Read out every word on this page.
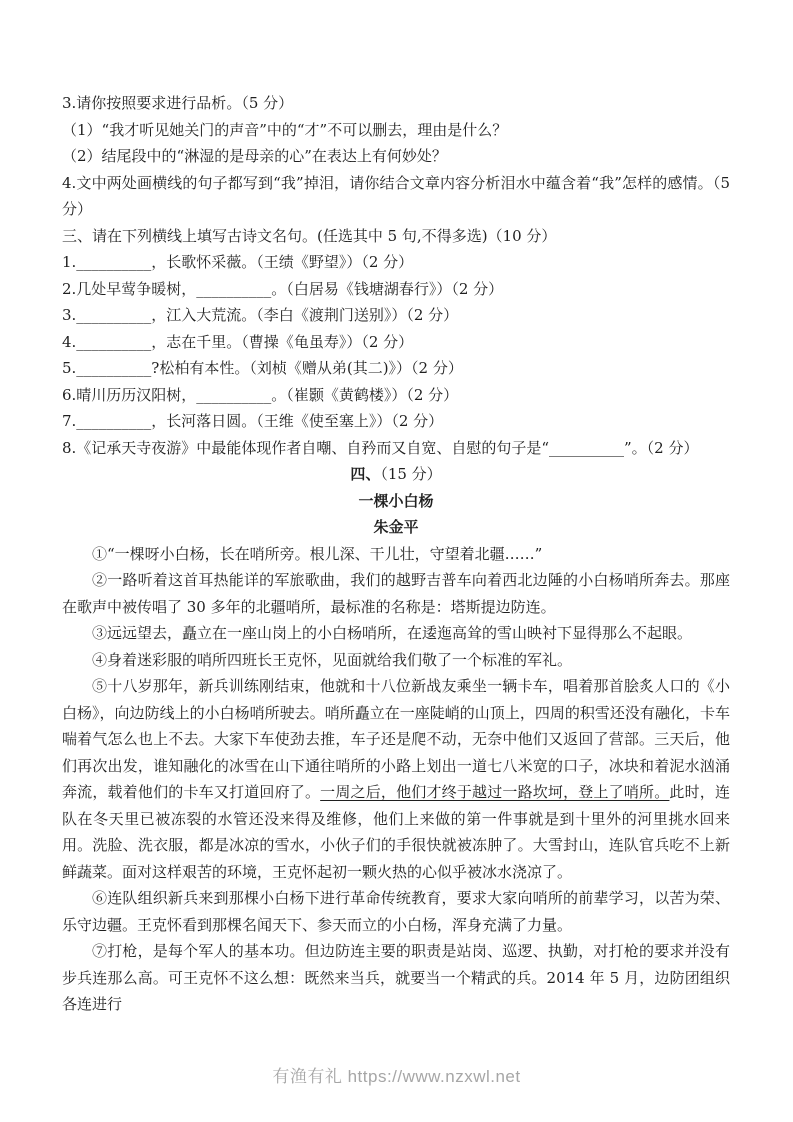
3.请你按照要求进行品析。（5 分）
（1）“我才听见她关门的声音”中的“才”不可以删去，理由是什么？
（2）结尾段中的“淋湿的是母亲的心”在表达上有何妙处？
4.文中两处画横线的句子都写到“我”掉泪，请你结合文章内容分析泪水中蕴含着“我”怎样的感情。（5 分）
三、请在下列横线上填写古诗文名句。(任选其中 5 句,不得多选)（10 分）
1.__________，长歌怀采薇。（王绩《野望》）（2 分）
2.几处早莺争暖树，__________。（白居易《钱塘湖春行》）（2 分）
3.__________，江入大荒流。（李白《渡荆门送别》）（2 分）
4.__________，志在千里。（曹操《龟虽寿》）（2 分）
5.__________?松柏有本性。（刘桢《赠从弟(其二)》）（2 分）
6.晴川历历汉阳树，__________。（崔颢《黄鹤楼》）（2 分）
7.__________，长河落日圆。（王维《使至塞上》）（2 分）
8.《记承天寺夜游》中最能体现作者自嘲、自矜而又自宽、自慰的句子是“__________”。（2 分）
四、（15 分）
一棵小白杨
朱金平
①“一棵呀小白杨，长在哨所旁。根儿深、干儿壮，守望着北疆……”
②一路听着这首耳热能详的军旅歌曲，我们的越野吉普车向着西北边陲的小白杨哨所奔去。那座在歌声中被传唱了 30 多年的北疆哨所，最标准的名称是：塔斯提边防连。
③远远望去，矗立在一座山岗上的小白杨哨所，在逶迤高耸的雪山映衬下显得那么不起眼。
④身着迷彩服的哨所四班长王克怀，见面就给我们敬了一个标准的军礼。
⑤十八岁那年，新兵训练刚结束，他就和十八位新战友乘坐一辆卡车，唱着那首脍炙人口的《小白杨》，向边防线上的小白杨哨所驶去。哨所矗立在一座陡峭的山顶上，四周的积雪还没有融化，卡车喘着气怎么也上不去。大家下车使劲去推，车子还是爬不动，无奈中他们又返回了营部。三天后，他们再次出发，谁知融化的冰雪在山下通往哨所的小路上划出一道七八米宽的口子，冰块和着泥水汹涌奔流，载着他们的卡车又打道回府了。一周之后，他们才终于越过一路坎坷，登上了哨所。此时，连队在冬天里已被冻裂的水管还没来得及维修，他们上来做的第一件事就是到十里外的河里挑水回来用。洗脸、洗衣服，都是冰凉的雪水，小伙子们的手很快就被冻肿了。大雪封山，连队官兵吃不上新鲜蔬菜。面对这样艰苦的环境，王克怀起初一颗火热的心似乎被冰水浇凉了。
⑥连队组织新兵来到那棵小白杨下进行革命传统教育，要求大家向哨所的前辈学习，以苦为荣、乐守边疆。王克怀看到那棵名闻天下、参天而立的小白杨，浑身充满了力量。
⑦打枪，是每个军人的基本功。但边防连主要的职责是站岗、巡逻、执勤，对打枪的要求并没有步兵连那么高。可王克怀不这么想：既然来当兵，就要当一个精武的兵。2014 年 5 月，边防团组织各连进行
有渔有礼 https://www.nzxwl.net
